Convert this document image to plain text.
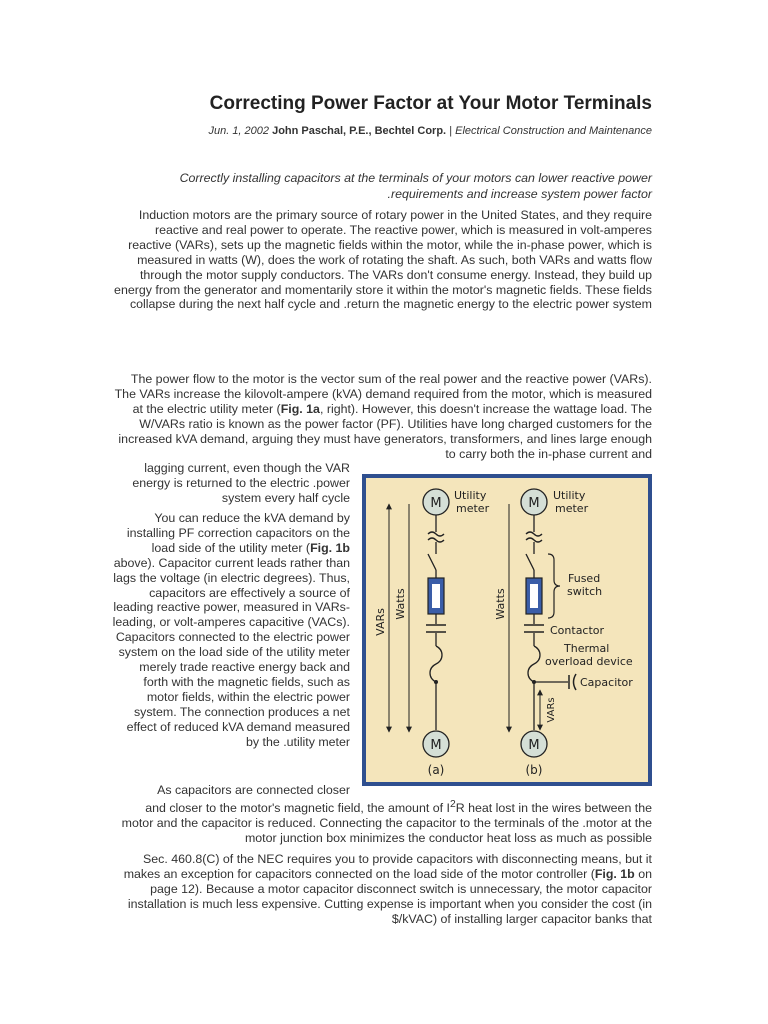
Correcting Power Factor at Your Motor Terminals
Jun. 1, 2002 John Paschal, P.E., Bechtel Corp. | Electrical Construction and Maintenance

Correctly installing capacitors at the terminals of your motors can lower reactive power .requirements and increase system power factor

Induction motors are the primary source of rotary power in the United States, and they require reactive and real power to operate. The reactive power, which is measured in volt-amperes reactive (VARs), sets up the magnetic fields within the motor, while the in-phase power, which is measured in watts (W), does the work of rotating the shaft. As such, both VARs and watts flow through the motor supply conductors. The VARs don't consume energy. Instead, they build up energy from the generator and momentarily store it within the motor's magnetic fields. These fields collapse during the next half cycle and .return the magnetic energy to the electric power system

The power flow to the motor is the vector sum of the real power and the reactive power (VARs). The VARs increase the kilovolt-ampere (kVA) demand required from the motor, which is measured at the electric utility meter (Fig. 1a, right). However, this doesn't increase the wattage load. The W/VARs ratio is known as the power factor (PF). Utilities have long charged customers for the increased kVA demand, arguing they must have generators, transformers, and lines large enough to carry both the in-phase current and

lagging current, even though the VAR energy is returned to the electric .power system every half cycle

You can reduce the kVA demand by installing PF correction capacitors on the load side of the utility meter (Fig. 1b above). Capacitor current leads rather than lags the voltage (in electric degrees). Thus, capacitors are effectively a source of leading reactive power, measured in VARs-leading, or volt-amperes capacitive (VACs). Capacitors connected to the electric power system on the load side of the utility meter merely trade reactive energy back and forth with the magnetic fields, such as motor fields, within the electric power system. The connection produces a net effect of reduced kVA demand measured by the .utility meter

As capacitors are connected closer

and closer to the motor's magnetic field, the amount of $I^2R$ heat lost in the wires between the motor and the capacitor is reduced. Connecting the capacitor to the terminals of the .motor at the motor junction box minimizes the conductor heat loss as much as possible

Sec. 460.8(C) of the NEC requires you to provide capacitors with disconnecting means, but it makes an exception for capacitors connected on the load side of the motor controller (Fig. 1b on page 12). Because a motor capacitor disconnect switch is unnecessary, the motor capacitor installation is much less expensive. Cutting expense is important when you consider the cost (in $/kVAC) of installing larger capacitor banks that

M
Utility
meter
M
(a)
VARs
Watts
M
Utility
meter
M
(b)
Capacitor
Watts
VARs
Fused
switch
Contactor
Thermal
overload device
